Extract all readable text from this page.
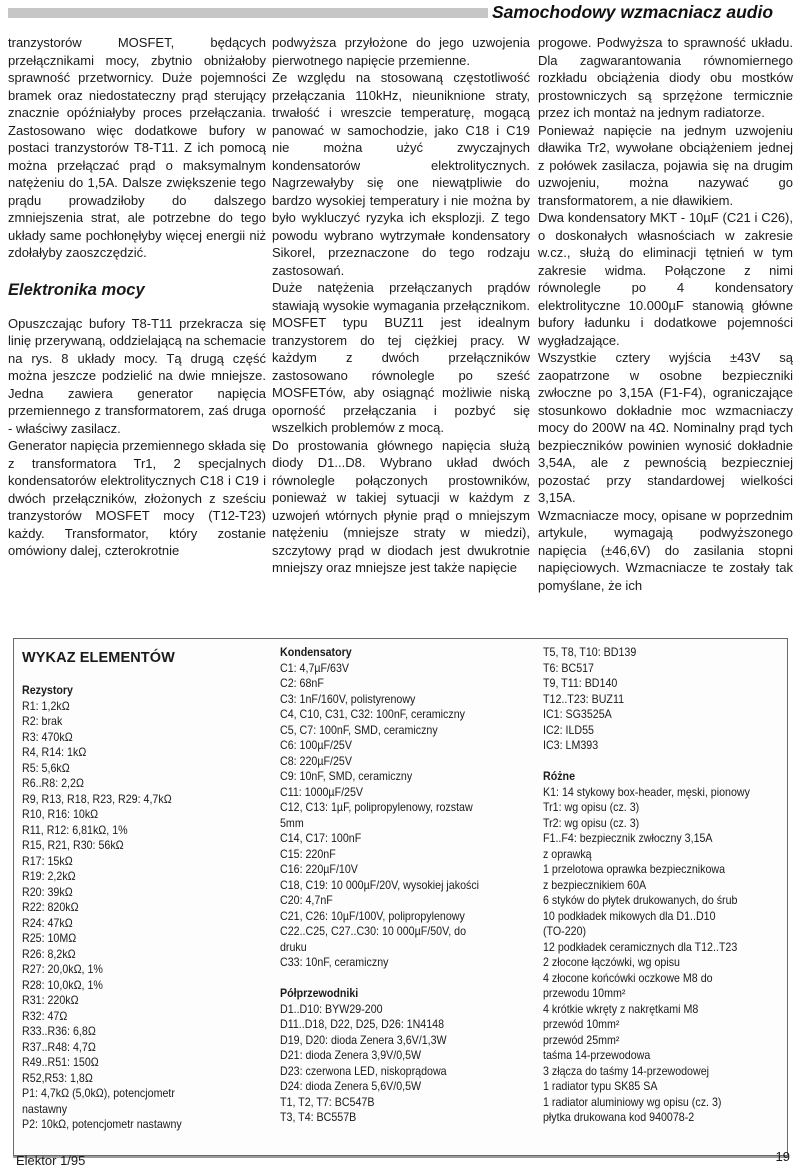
Samochodowy wzmacniacz audio

tranzystorów MOSFET, będących przełącznikami mocy, zbytnio obniżałoby sprawność przetwornicy. Duże pojemności bramek oraz niedostateczny prąd sterujący znacznie opóźniałyby proces przełączania. Zastosowano więc dodatkowe bufory w postaci tranzystorów T8-T11. Z ich pomocą można przełączać prąd o maksymalnym natężeniu do 1,5A. Dalsze zwiększenie tego prądu prowadziłoby do dalszego zmniejszenia strat, ale potrzebne do tego układy same pochłonęłyby więcej energii niż zdołałyby zaoszczędzić.

Elektronika mocy

Opuszczając bufory T8-T11 przekracza się linię przerywaną, oddzielającą na schemacie na rys. 8 układy mocy. Tą drugą część można jeszcze podzielić na dwie mniejsze. Jedna zawiera generator napięcia przemiennego z transformatorem, zaś druga - właściwy zasilacz.

Generator napięcia przemiennego składa się z transformatora Tr1, 2 specjalnych kondensatorów elektrolitycznych C18 i C19 i dwóch przełączników, złożonych z sześciu tranzystorów MOSFET mocy (T12-T23) każdy. Transformator, który zostanie omówiony dalej, czterokrotnie

podwyższa przyłożone do jego uzwojenia pierwotnego napięcie przemienne.

Ze względu na stosowaną częstotliwość przełączania 110kHz, nieuniknione straty, trwałość i wreszcie temperaturę, mogącą panować w samochodzie, jako C18 i C19 nie można użyć zwyczajnych kondensatorów elektrolitycznych. Nagrzewałyby się one niewątpliwie do bardzo wysokiej temperatury i nie można by było wykluczyć ryzyka ich eksplozji. Z tego powodu wybrano wytrzymałe kondensatory Sikorel, przeznaczone do tego rodzaju zastosowań.

Duże natężenia przełączanych prądów stawiają wysokie wymagania przełącznikom. MOSFET typu BUZ11 jest idealnym tranzystorem do tej ciężkiej pracy. W każdym z dwóch przełączników zastosowano równolegle po sześć MOSFETów, aby osiągnąć możliwie niską oporność przełączania i pozbyć się wszelkich problemów z mocą.

Do prostowania głównego napięcia służą diody D1...D8. Wybrano układ dwóch równolegle połączonych prostowników, ponieważ w takiej sytuacji w każdym z uzwojeń wtórnych płynie prąd o mniejszym natężeniu (mniejsze straty w miedzi), szczytowy prąd w diodach jest dwukrotnie mniejszy oraz mniejsze jest także napięcie

progowe. Podwyższa to sprawność układu. Dla zagwarantowania równomiernego rozkładu obciążenia diody obu mostków prostowniczych są sprzężone termicznie przez ich montaż na jednym radiatorze.

Ponieważ napięcie na jednym uzwojeniu dławika Tr2, wywołane obciążeniem jednej z połówek zasilacza, pojawia się na drugim uzwojeniu, można nazywać go transformatorem, a nie dławikiem.

Dwa kondensatory MKT - 10µF (C21 i C26), o doskonałych własnościach w zakresie w.cz., służą do eliminacji tętnień w tym zakresie widma. Połączone z nimi równolegle po 4 kondensatory elektrolityczne 10.000µF stanowią główne bufory ładunku i dodatkowe pojemności wygładzające.

Wszystkie cztery wyjścia ±43V są zaopatrzone w osobne bezpieczniki zwłoczne po 3,15A (F1-F4), ograniczające stosunkowo dokładnie moc wzmacniaczy mocy do 200W na 4Ω. Nominalny prąd tych bezpieczników powinien wynosić dokładnie 3,54A, ale z pewnością bezpieczniej pozostać przy standardowej wielkości 3,15A.

Wzmacniacze mocy, opisane w poprzednim artykule, wymagają podwyższonego napięcia (±46,6V) do zasilania stopni napięciowych. Wzmacniacze te zostały tak pomyślane, że ich

WYKAZ ELEMENTÓW
Rezystory
R1: 1,2kΩ
R2: brak
R3: 470kΩ
R4, R14: 1kΩ
R5: 5,6kΩ
R6..R8: 2,2Ω
R9, R13, R18, R23, R29: 4,7kΩ
R10, R16: 10kΩ
R11, R12: 6,81kΩ, 1%
R15, R21, R30: 56kΩ
R17: 15kΩ
R19: 2,2kΩ
R20: 39kΩ
R22: 820kΩ
R24: 47kΩ
R25: 10MΩ
R26: 8,2kΩ
R27: 20,0kΩ, 1%
R28: 10,0kΩ, 1%
R31: 220kΩ
R32: 47Ω
R33..R36: 6,8Ω
R37..R48: 4,7Ω
R49..R51: 150Ω
R52,R53: 1,8Ω
P1: 4,7kΩ (5,0kΩ), potencjometr
nastawny
P2: 10kΩ, potencjometr nastawny
Kondensatory
C1: 4,7µF/63V
C2: 68nF
C3: 1nF/160V, polistyrenowy
C4, C10, C31, C32: 100nF, ceramiczny
C5, C7: 100nF, SMD, ceramiczny
C6: 100µF/25V
C8: 220µF/25V
C9: 10nF, SMD, ceramiczny
C11: 1000µF/25V
C12, C13: 1µF, polipropylenowy, rozstaw
5mm
C14, C17: 100nF
C15: 220nF
C16: 220µF/10V
C18, C19: 10 000µF/20V, wysokiej jakości
C20: 4,7nF
C21, C26: 10µF/100V, polipropylenowy
C22..C25, C27..C30: 10 000µF/50V, do
druku
C33: 10nF, ceramiczny
Półprzewodniki
D1..D10: BYW29-200
D11..D18, D22, D25, D26: 1N4148
D19, D20: dioda Zenera 3,6V/1,3W
D21: dioda Zenera 3,9V/0,5W
D23: czerwona LED, niskoprądowa
D24: dioda Zenera 5,6V/0,5W
T1, T2, T7: BC547B
T3, T4: BC557B
T5, T8, T10: BD139
T6: BC517
T9, T11: BD140
T12..T23: BUZ11
IC1: SG3525A
IC2: ILD55
IC3: LM393
Różne
K1: 14 stykowy box-header, męski, pionowy
Tr1: wg opisu (cz. 3)
Tr2: wg opisu (cz. 3)
F1..F4: bezpiecznik zwłoczny 3,15A
z oprawką
1 przelotowa oprawka bezpiecznikowa
z bezpiecznikiem 60A
6 styków do płytek drukowanych, do śrub
10 podkładek mikowych dla D1..D10
(TO-220)
12 podkładek ceramicznych dla T12..T23
2 złocone łączówki, wg opisu
4 złocone końcówki oczkowe M8 do
przewodu 10mm²
4 krótkie wkręty z nakrętkami M8
przewód 10mm²
przewód 25mm²
taśma 14-przewodowa
3 złącza do taśmy 14-przewodowej
1 radiator typu SK85 SA
1 radiator aluminiowy wg opisu (cz. 3)
płytka drukowana kod 940078-2
Elektor 1/95	19
